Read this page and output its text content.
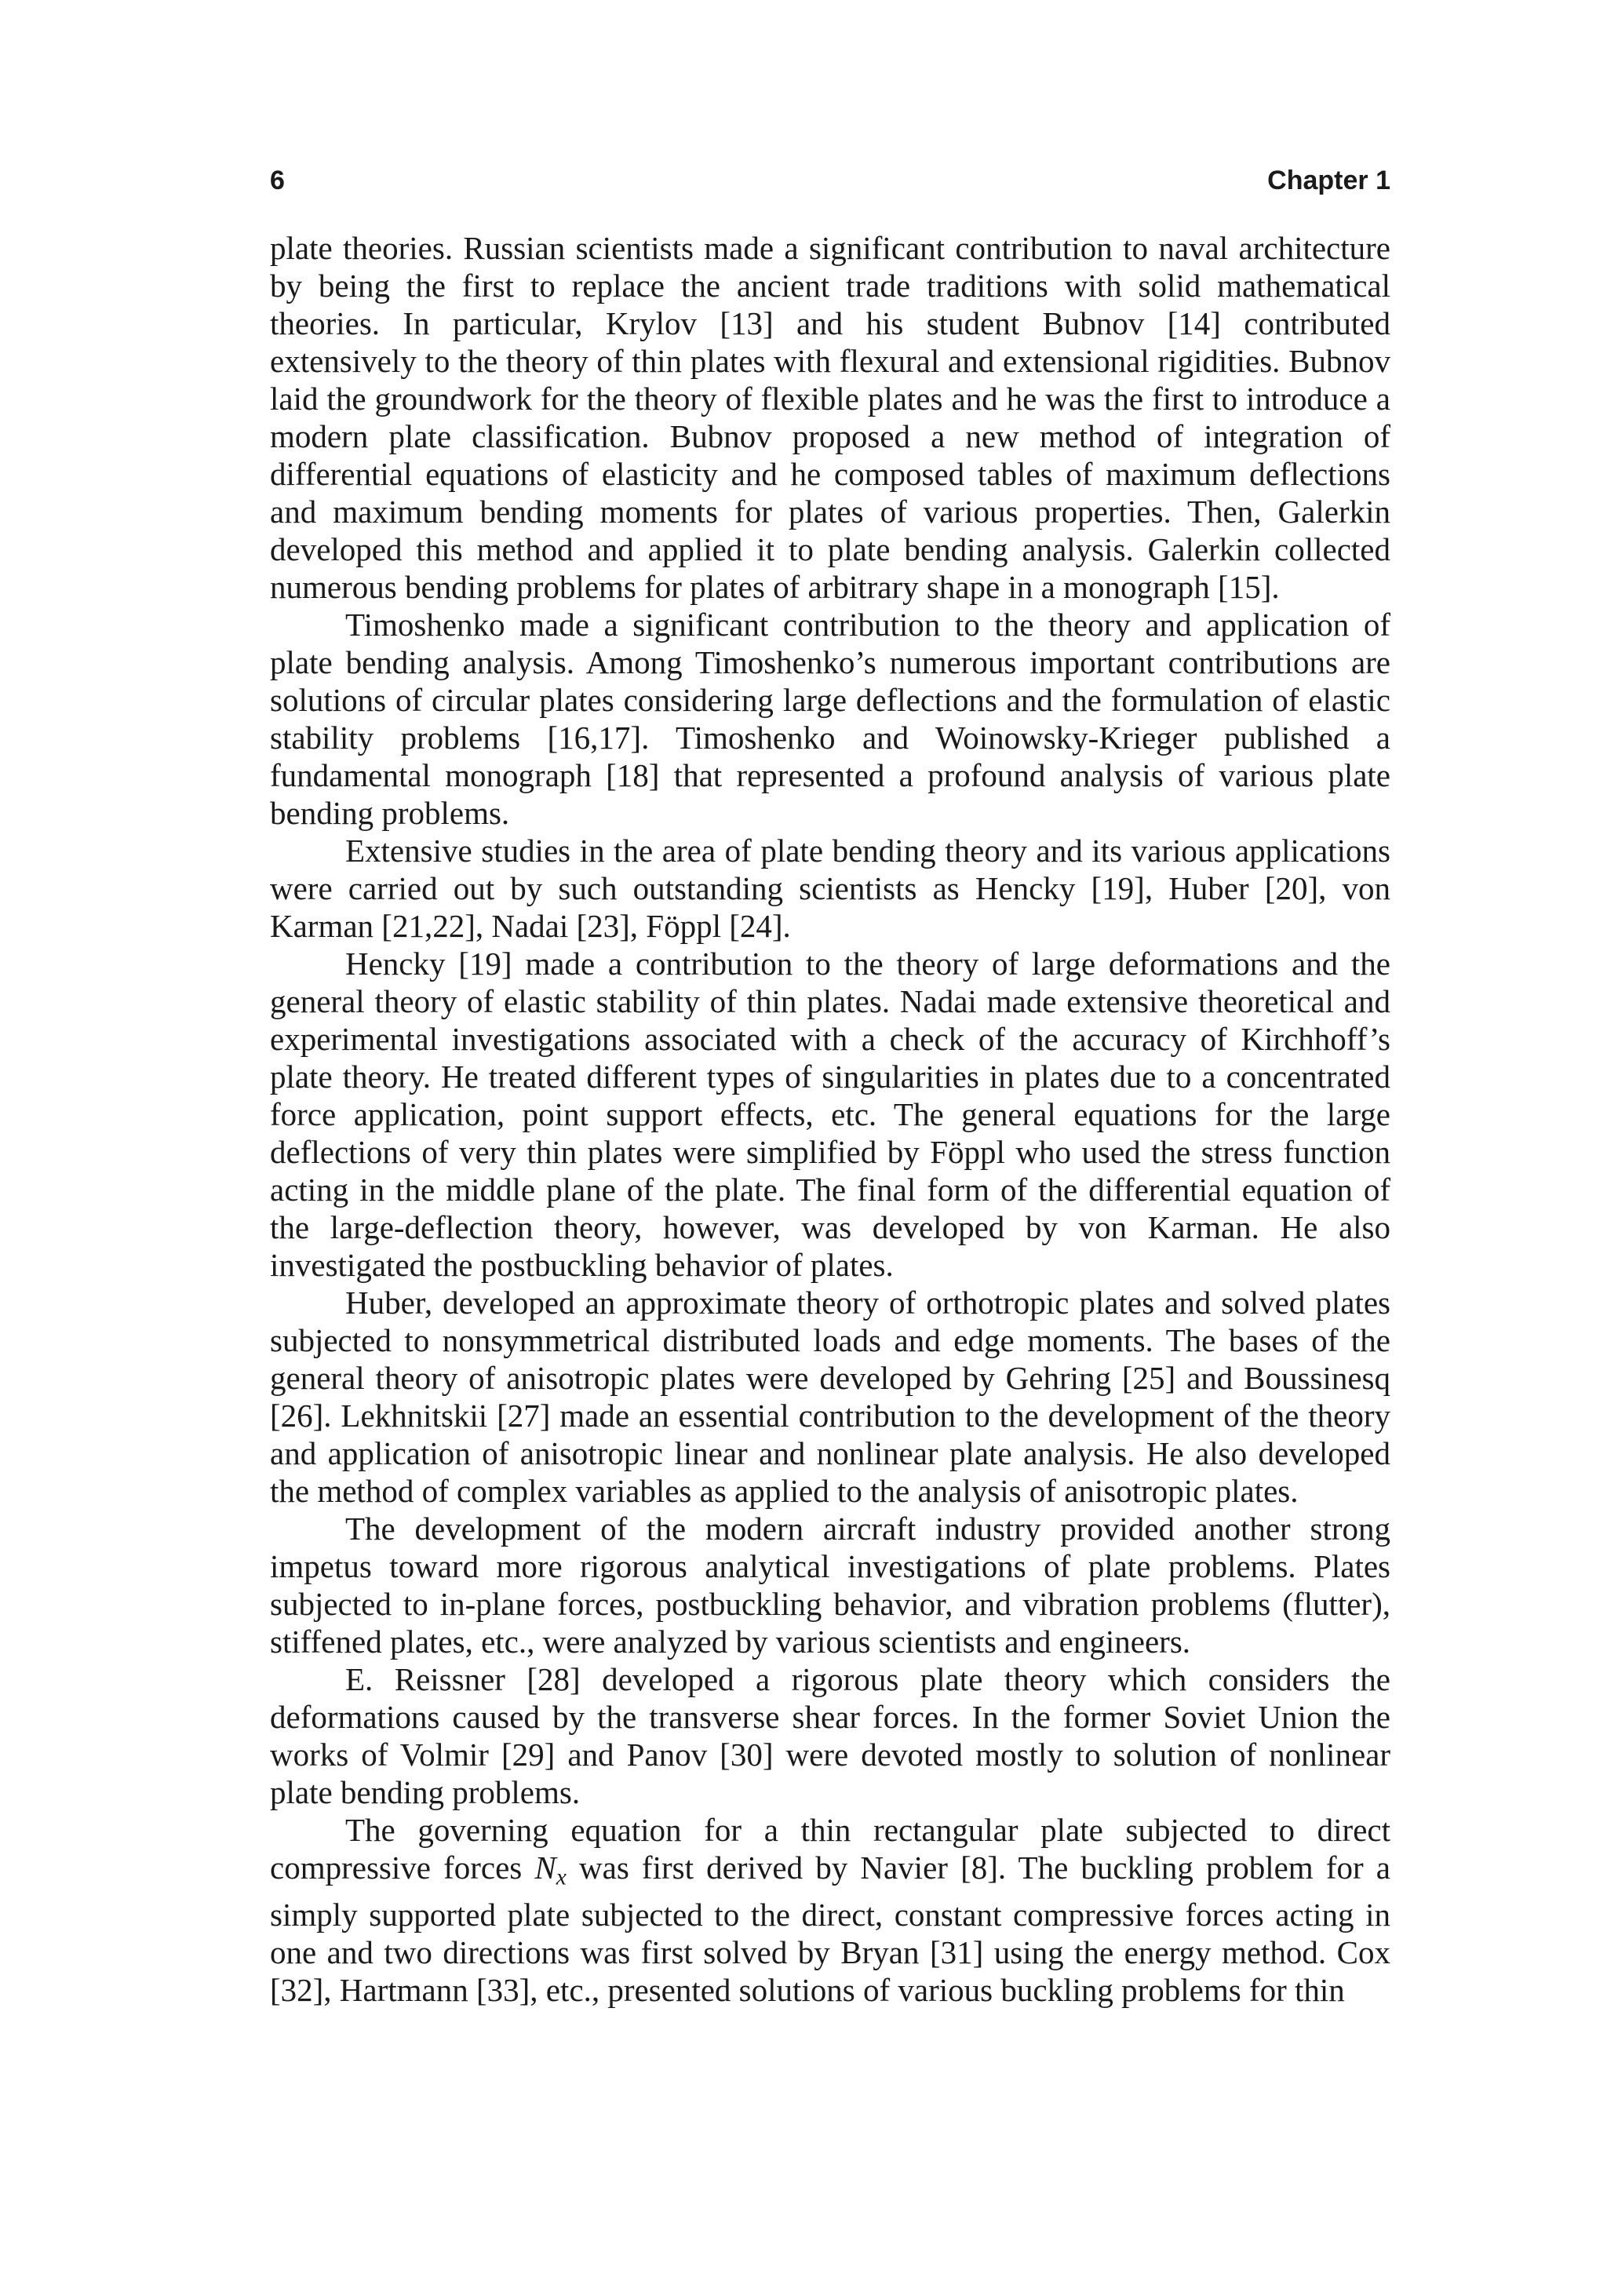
6	Chapter 1

plate theories. Russian scientists made a significant contribution to naval architecture by being the first to replace the ancient trade traditions with solid mathematical theories. In particular, Krylov [13] and his student Bubnov [14] contributed extensively to the theory of thin plates with flexural and extensional rigidities. Bubnov laid the groundwork for the theory of flexible plates and he was the first to introduce a modern plate classification. Bubnov proposed a new method of integration of differential equations of elasticity and he composed tables of maximum deflections and maximum bending moments for plates of various properties. Then, Galerkin developed this method and applied it to plate bending analysis. Galerkin collected numerous bending problems for plates of arbitrary shape in a monograph [15].

Timoshenko made a significant contribution to the theory and application of plate bending analysis. Among Timoshenko’s numerous important contributions are solutions of circular plates considering large deflections and the formulation of elastic stability problems [16,17]. Timoshenko and Woinowsky-Krieger published a fundamental monograph [18] that represented a profound analysis of various plate bending problems.

Extensive studies in the area of plate bending theory and its various applications were carried out by such outstanding scientists as Hencky [19], Huber [20], von Karman [21,22], Nadai [23], Föppl [24].

Hencky [19] made a contribution to the theory of large deformations and the general theory of elastic stability of thin plates. Nadai made extensive theoretical and experimental investigations associated with a check of the accuracy of Kirchhoff’s plate theory. He treated different types of singularities in plates due to a concentrated force application, point support effects, etc. The general equations for the large deflections of very thin plates were simplified by Föppl who used the stress function acting in the middle plane of the plate. The final form of the differential equation of the large-deflection theory, however, was developed by von Karman. He also investigated the postbuckling behavior of plates.

Huber, developed an approximate theory of orthotropic plates and solved plates subjected to nonsymmetrical distributed loads and edge moments. The bases of the general theory of anisotropic plates were developed by Gehring [25] and Boussinesq [26]. Lekhnitskii [27] made an essential contribution to the development of the theory and application of anisotropic linear and nonlinear plate analysis. He also developed the method of complex variables as applied to the analysis of anisotropic plates.

The development of the modern aircraft industry provided another strong impetus toward more rigorous analytical investigations of plate problems. Plates subjected to in-plane forces, postbuckling behavior, and vibration problems (flutter), stiffened plates, etc., were analyzed by various scientists and engineers.

E. Reissner [28] developed a rigorous plate theory which considers the deformations caused by the transverse shear forces. In the former Soviet Union the works of Volmir [29] and Panov [30] were devoted mostly to solution of nonlinear plate bending problems.

The governing equation for a thin rectangular plate subjected to direct compressive forces Nx was first derived by Navier [8]. The buckling problem for a simply supported plate subjected to the direct, constant compressive forces acting in one and two directions was first solved by Bryan [31] using the energy method. Cox [32], Hartmann [33], etc., presented solutions of various buckling problems for thin
